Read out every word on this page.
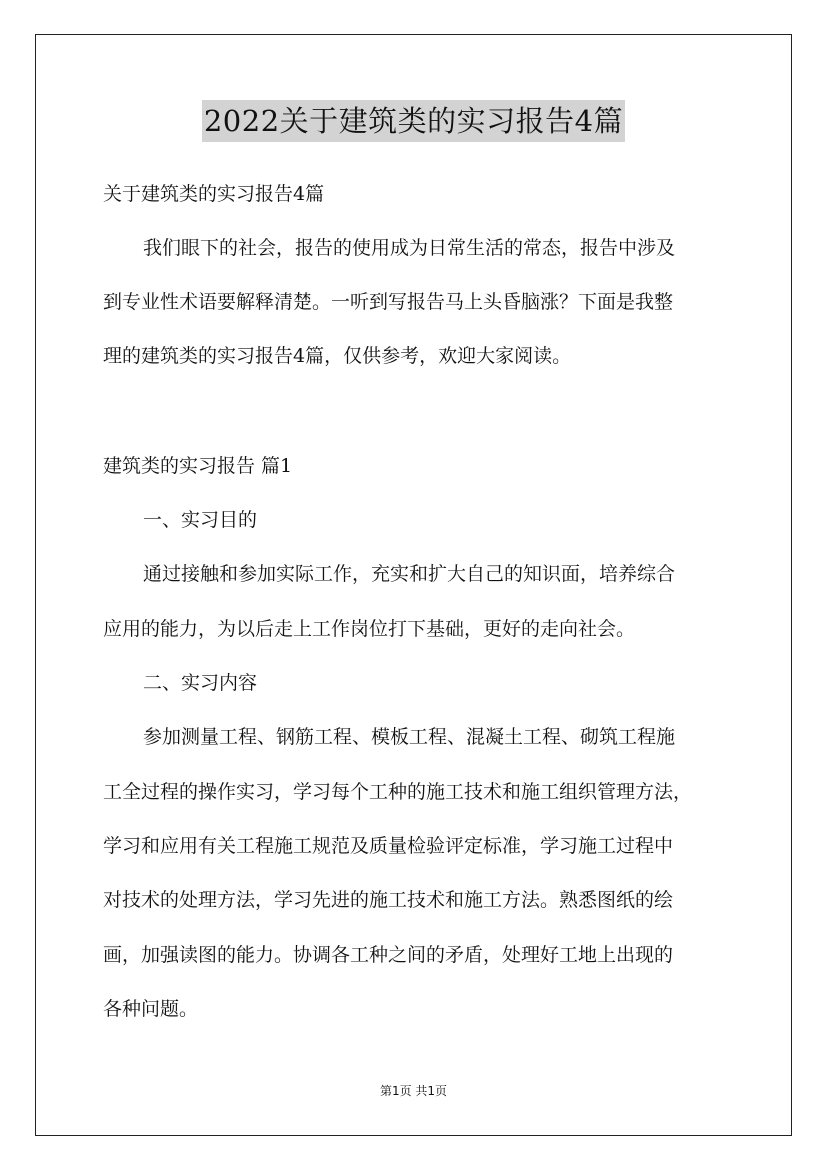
2022关于建筑类的实习报告4篇
关于建筑类的实习报告4篇
我们眼下的社会，报告的使用成为日常生活的常态，报告中涉及
到专业性术语要解释清楚。一听到写报告马上头昏脑涨？下面是我整
理的建筑类的实习报告4篇，仅供参考，欢迎大家阅读。
建筑类的实习报告 篇1
一、实习目的
通过接触和参加实际工作，充实和扩大自己的知识面，培养综合
应用的能力，为以后走上工作岗位打下基础，更好的走向社会。
二、实习内容
参加测量工程、钢筋工程、模板工程、混凝土工程、砌筑工程施
工全过程的操作实习，学习每个工种的施工技术和施工组织管理方法，
学习和应用有关工程施工规范及质量检验评定标准，学习施工过程中
对技术的处理方法，学习先进的施工技术和施工方法。熟悉图纸的绘
画，加强读图的能力。协调各工种之间的矛盾，处理好工地上出现的
各种问题。
第1页 共1页
